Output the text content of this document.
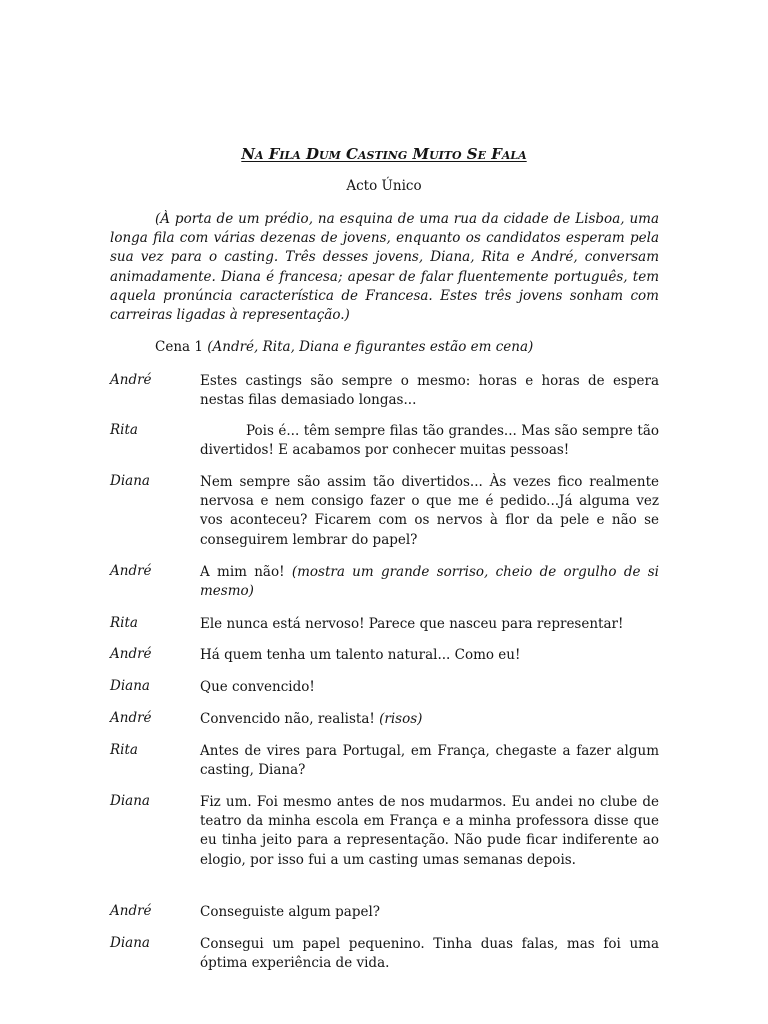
Na Fila Dum Casting Muito Se Fala
Acto Único

(À porta de um prédio, na esquina de uma rua da cidade de Lisboa, uma longa fila com várias dezenas de jovens, enquanto os candidatos esperam pela sua vez para o casting. Três desses jovens, Diana, Rita e André, conversam animadamente. Diana é francesa; apesar de falar fluentemente português, tem aquela pronúncia característica de Francesa. Estes três jovens sonham com carreiras ligadas à representação.)

Cena 1 (André, Rita, Diana e figurantes estão em cena)
André	Estes castings são sempre o mesmo: horas e horas de espera nestas filas demasiado longas...

Rita	Pois é... têm sempre filas tão grandes... Mas são sempre tão divertidos! E acabamos por conhecer muitas pessoas!

Diana	Nem sempre são assim tão divertidos... Às vezes fico realmente nervosa e nem consigo fazer o que me é pedido...Já alguma vez vos aconteceu? Ficarem com os nervos à flor da pele e não se conseguirem lembrar do papel?

André	A mim não! (mostra um grande sorriso, cheio de orgulho de si mesmo)

Rita	Ele nunca está nervoso! Parece que nasceu para representar!

André	Há quem tenha um talento natural... Como eu!

Diana	Que convencido!

André	Convencido não, realista! (risos)

Rita	Antes de vires para Portugal, em França, chegaste a fazer algum casting, Diana?

Diana	Fiz um. Foi mesmo antes de nos mudarmos. Eu andei no clube de teatro da minha escola em França e a minha professora disse que eu tinha jeito para a representação. Não pude ficar indiferente ao elogio, por isso fui a um casting umas semanas depois.

André	Conseguiste algum papel?

Diana	Consegui um papel pequenino. Tinha duas falas, mas foi uma óptima experiência de vida.
